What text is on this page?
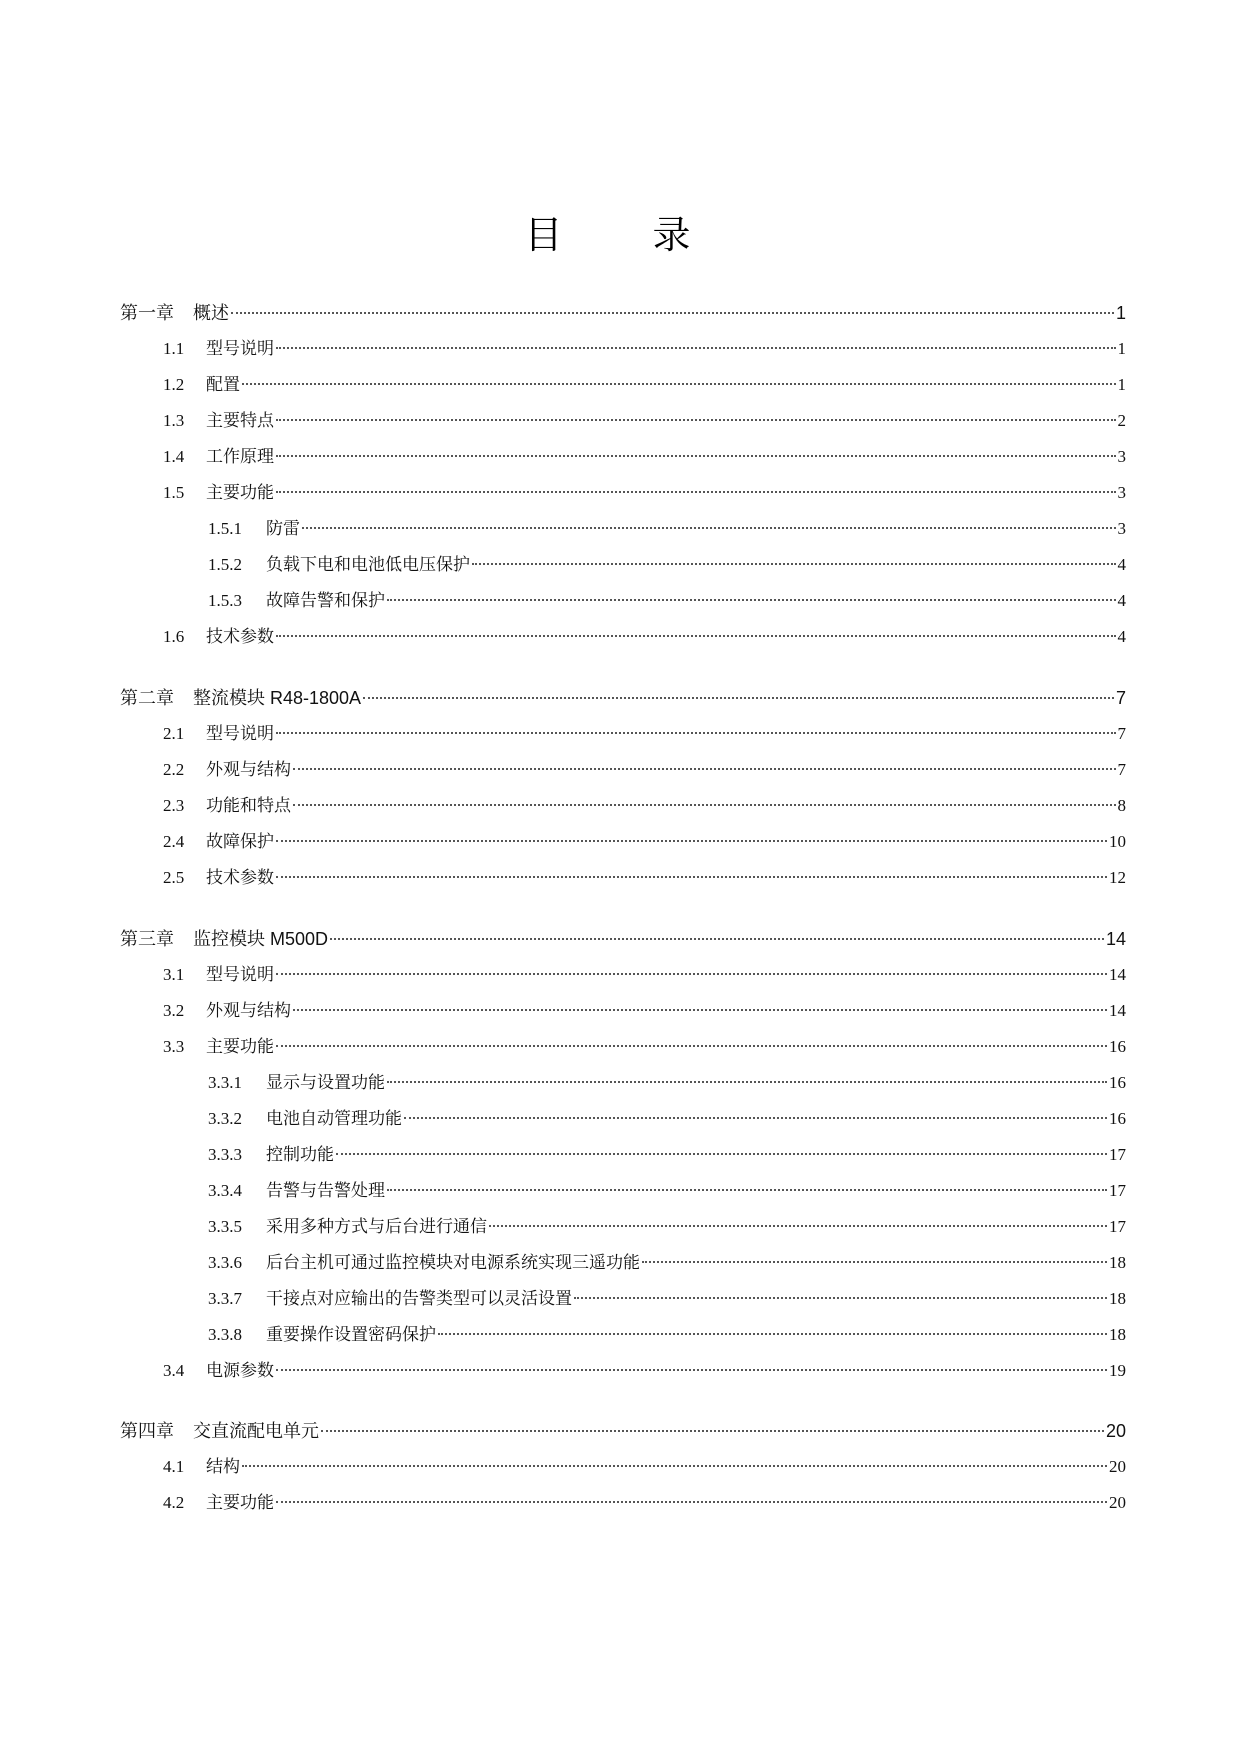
目　录
第一章	概述	1
1.1	型号说明	1
1.2	配置	1
1.3	主要特点	2
1.4	工作原理	3
1.5	主要功能	3
1.5.1	防雷	3
1.5.2	负载下电和电池低电压保护	4
1.5.3	故障告警和保护	4
1.6	技术参数	4
第二章	整流模块 R48-1800A	7
2.1	型号说明	7
2.2	外观与结构	7
2.3	功能和特点	8
2.4	故障保护	10
2.5	技术参数	12
第三章	监控模块 M500D	14
3.1	型号说明	14
3.2	外观与结构	14
3.3	主要功能	16
3.3.1	显示与设置功能	16
3.3.2	电池自动管理功能	16
3.3.3	控制功能	17
3.3.4	告警与告警处理	17
3.3.5	采用多种方式与后台进行通信	17
3.3.6	后台主机可通过监控模块对电源系统实现三遥功能	18
3.3.7	干接点对应输出的告警类型可以灵活设置	18
3.3.8	重要操作设置密码保护	18
3.4	电源参数	19
第四章	交直流配电单元	20
4.1	结构	20
4.2	主要功能	20
